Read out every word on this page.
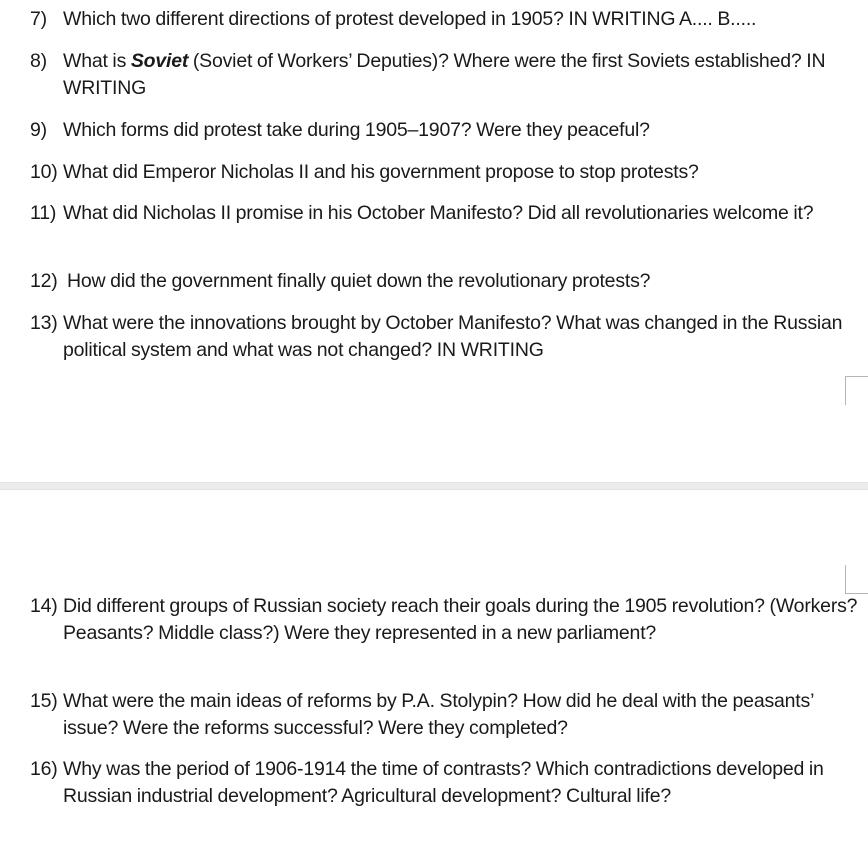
7) Which two different directions of protest developed in 1905? IN WRITING A.... B.....
8) What is Soviet (Soviet of Workers’ Deputies)? Where were the first Soviets established? IN WRITING
9) Which forms did protest take during 1905–1907? Were they peaceful?
10) What did Emperor Nicholas II and his government propose to stop protests?
11) What did Nicholas II promise in his October Manifesto? Did all revolutionaries welcome it?
12) How did the government finally quiet down the revolutionary protests?
13) What were the innovations brought by October Manifesto? What was changed in the Russian political system and what was not changed? IN WRITING
14) Did different groups of Russian society reach their goals during the 1905 revolution? (Workers? Peasants? Middle class?) Were they represented in a new parliament?
15) What were the main ideas of reforms by P.A. Stolypin? How did he deal with the peasants’ issue? Were the reforms successful? Were they completed?
16) Why was the period of 1906-1914 the time of contrasts? Which contradictions developed in Russian industrial development? Agricultural development? Cultural life?
